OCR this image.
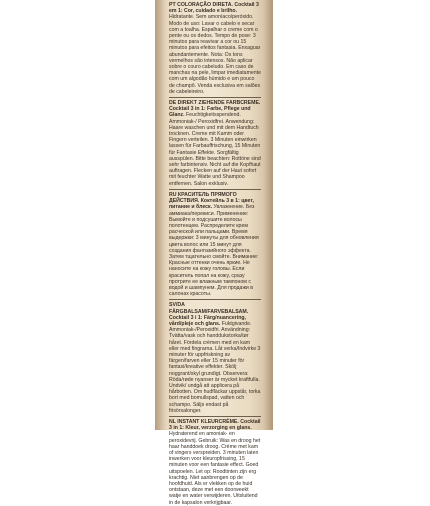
PT COLORAÇÃO DIRETA. Cocktail 3 em 1: Cor, cuidado e brilho. Hidratante. Sem amoníaco/peróxido. Modo de uso: Lavar o cabelo e secar com a toalha. Espalhar o creme com o pente ou os dedos. Tempo de pose: 3 minutos para reavivar a cor ou 15 minutos para efeitos fantasia. Enxaguar abundantemente. Nota: Os tons vermelhos são intensos. Não aplicar sobre o couro cabeludo. Em caso de manchas na pele, limpar imediatamente com um algodão húmido e um pouco de champô. Venda exclusiva em salões de cabeleireiro.
DE DIREKT ZIEHENDE FARBCREME. Cocktail 3 in 1: Farbe, Pflege und Glanz. Feuchtigkeitsspendend. Ammoniak-/ Peroxidfrei. Anwendung: Haare waschen und mit dem Handtuch trocknen. Creme mit Kamm oder Fingern verteilen. 3 Minuten einwirken lassen für Farbauffrischung, 15 Minuten für Fantasie Effekte. Sorgfältig ausspülen. Bitte beachten: Rottöne sind sehr farbintensiv. Nicht auf die Kopfhaut auftragen. Flecken auf der Haut sofort mit feuchter Watte und Shampoo entfernen. Salon exklusiv.
RU КРАСИТЕЛЬ ПРЯМОГО ДЕЙСТВИЯ. Коктейль 3 в 1: цвет, питание и блеск. Увлажнение. Без аммиака/перекиси. Применение: Вымойте и подсушите волосы полотенцем. Распределите крем расческой или пальцами. Время выдержки: 3 минуты для обновления цвета волос или 15 минут для создания фантазийного эффекта. Затем тщательно смойте. Внимание: Красные оттенки очень яркие. Не наносите на кожу головы. Если краситель попал на кожу, сразу протрите ее влажным тампоном с водой и шампунем. Для продажи в салонах красоты.
SV/DA FÄRGBALSAM/FARVEBALSAM. Cocktail 3 i 1: Färg/nuancering, vård/pleje och glans. Fuktgivande. Ammoniak-/Peroxidfri. Användning: Tvätta/vask och handdukstorka/tør håret. Fördela crèmen med en kam eller med fingrarna. Låt verka/Indvirke 3 minuter för uppfriskning av färgen/farven eller 15 minuter för fantasi/kreative effekter. Skölj noggrant/skyl grundigt. Observera: Röda/røde nyanser är mycket kraftfulla. Undvik/ undgå att applicera på hårbotten. Om hudfläckar uppstår, torka bort med bomullspad, vatten och schampo. Säljs endast på frisörsalonger.
NL INSTANT KLEURCRÈME. Cocktail 3 in 1: Kleur, verzorging en glans. Hydraterend en amoniak- en peroxidevrij. Gebruik: Was en droog het haar handdoek droog. Crème met kam of vingers verspreiden. 3 minuten laten inwerken voor kleuropfrissing, 15 minuten voor een fantasie effect. Goed uitspoelen. Let op: Roodtinten zijn erg krachtig. Niet aanbrengen op de hoofdhuid. Als er vlekken op de huid ontstaan, deze met een doorweekt watje en water verwijderen. Uitsluitend in de kapsalon verkrijgbaar.
